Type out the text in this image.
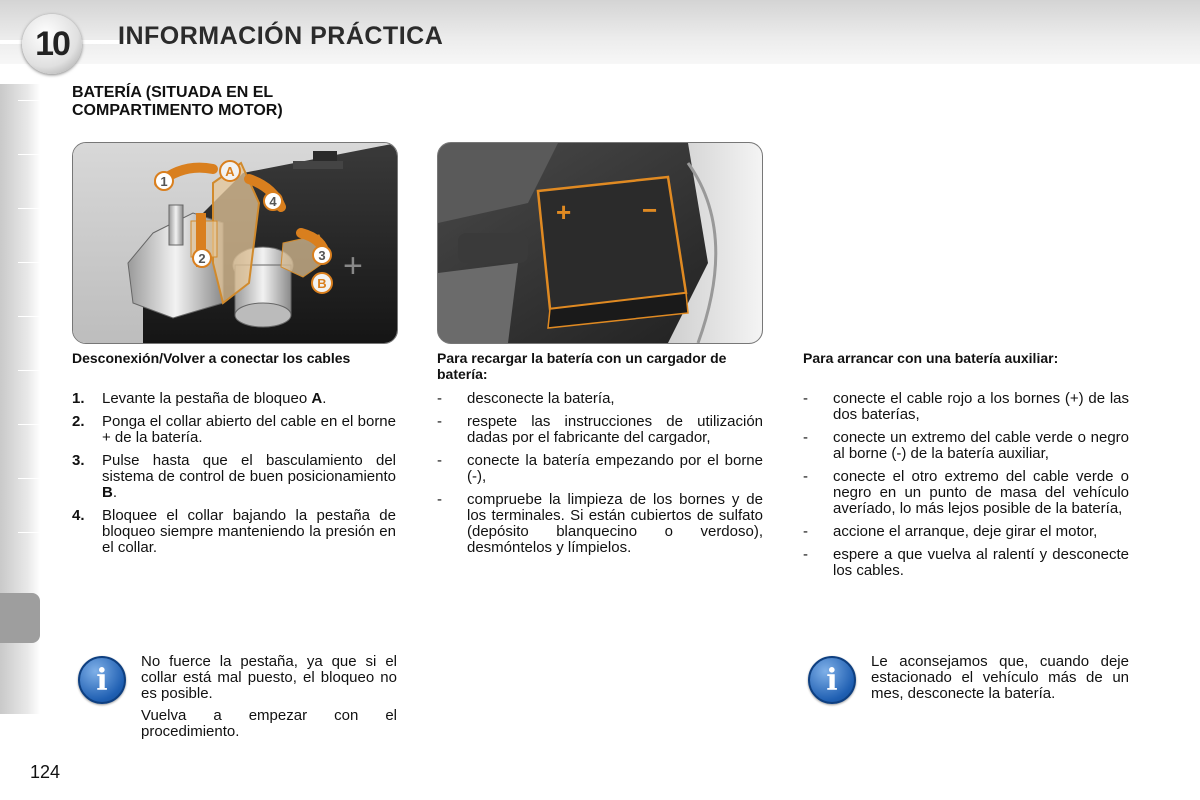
10	INFORMACIÓN PRÁCTICA
BATERÍA (SITUADA EN EL
COMPARTIMENTO MOTOR)
+
1
2	3
4
A
B
+	−
Desconexión/Volver a conectar los cables
1. Levante la pestaña de bloqueo A.
2. Ponga el collar abierto del cable en el borne + de la batería.
3. Pulse hasta que el basculamiento del sistema de control de buen posicionamiento B.
4. Bloquee el collar bajando la pestaña de bloqueo siempre manteniendo la presión en el collar.
Para recargar la batería con un cargador de batería:
- desconecte la batería,
- respete las instrucciones de utilización dadas por el fabricante del cargador,
- conecte la batería empezando por el borne (-),
- compruebe la limpieza de los bornes y de los terminales. Si están cubiertos de sulfato (depósito blanquecino o verdoso), desmóntelos y límpielos.
Para arrancar con una batería auxiliar:
- conecte el cable rojo a los bornes (+) de las dos baterías,
- conecte un extremo del cable verde o negro al borne (-) de la batería auxiliar,
- conecte el otro extremo del cable verde o negro en un punto de masa del vehículo averíado, lo más lejos posible de la batería,
- accione el arranque, deje girar el motor,
- espere a que vuelva al ralentí y desconecte los cables.
i

No fuerce la pestaña, ya que si el collar está mal puesto, el bloqueo no es posible.

Vuelva a empezar con el procedimiento.

i

Le aconsejamos que, cuando deje estacionado el vehículo más de un mes, desconecte la batería.

124
